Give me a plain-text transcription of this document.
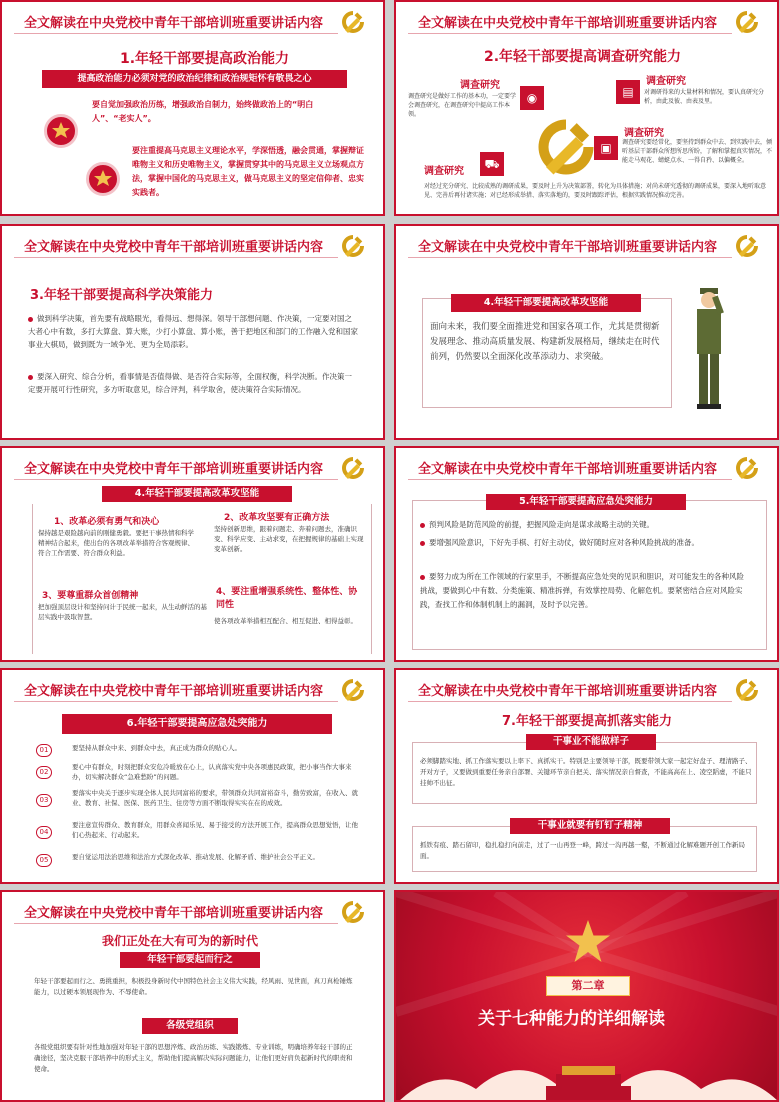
全文解读在中央党校中青年干部培训班重要讲话内容
1.年轻干部要提高政治能力
提高政治能力必须对党的政治纪律和政治规矩怀有敬畏之心
要自觉加强政治历练，增强政治自制力，始终做政治上的“明白人”、“老实人”。
要注重提高马克思主义理论水平，学深悟透，融会贯通，掌握辩证唯物主义和历史唯物主义，掌握贯穿其中的马克思主义立场观点方法，掌握中国化的马克思主义，做马克思主义的坚定信仰者、忠实实践者。
全文解读在中央党校中青年干部培训班重要讲话内容
2.年轻干部要提高调查研究能力
调查研究
调查研究是做好工作的基本功，一定要学会调查研究，在调查研究中提高工作本领。
◉
调查研究
▤	对调研得来的大量材料和情况，要认真研究分析，由此及彼、由表及里。
调查研究
▣	调查研究要经常化，要坚持到群众中去、到实践中去，倾听基层干部群众所想所思所盼，了解和掌握真实情况，不能走马观花、蜻蜓点水、一得自矜、以偏概全。
调查研究
⛟
对经过充分研究、比较成熟的调研成果，要及时上升为决策部署，转化为具体措施；对尚未研究透彻的调研成果，要深入地听取意见、完善后再付诸实施；对已经形成举措、落实落地的，要及时跟踪评估，根据实践情况推动完善。
全文解读在中央党校中青年干部培训班重要讲话内容
3.年轻干部要提高科学决策能力
做到科学决策，首先要有战略眼光，看得远、想得深。领导干部想问题、作决策，一定要对国之大者心中有数，多打大算盘、算大账，少打小算盘、算小账，善于把地区和部门的工作融入党和国家事业大棋局，做到既为一域争光、更为全局添彩。
要深入研究、综合分析，看事情是否值得做、是否符合实际等，全面权衡，科学决断。作决策一定要开展可行性研究，多方听取意见，综合评判，科学取舍，使决策符合实际情况。
全文解读在中央党校中青年干部培训班重要讲话内容
4.年轻干部要提高改革攻坚能
面向未来，我们要全面推进党和国家各项工作，尤其是贯彻新发展理念、推动高质量发展、构建新发展格局，继续走在时代前列，仍然要以全面深化改革添动力、求突破。
全文解读在中央党校中青年干部培训班重要讲话内容
4.年轻干部要提高改革攻坚能
1、改革必须有勇气和决心
保持越是艰险越向前的刚健勇毅。要把干事热情和科学精神结合起来，使出台的各项改革举措符合客观规律、符合工作需要、符合群众利益。
2、改革攻坚要有正确方法
坚持创新思维，跟着问题走、奔着问题去，准确识变、科学应变、主动求变，在把握规律的基础上实现变革创新。
3、要尊重群众首创精神
把加强顶层设计和坚持问计于民统一起来，从生动鲜活的基层实践中汲取智慧。
4、要注重增强系统性、整体性、协同性
使各项改革举措相互配合、相互促进、相得益彰。
全文解读在中央党校中青年干部培训班重要讲话内容
5.年轻干部要提高应急处突能力
预判风险是防范风险的前提，把握风险走向是谋求战略主动的关键。
要增强风险意识，下好先手棋、打好主动仗，做好随时应对各种风险挑战的准备。
要努力成为所在工作领域的行家里手，不断提高应急处突的见识和胆识，对可能发生的各种风险挑战，要做到心中有数、分类施策、精准拆弹，有效掌控局势、化解危机。要紧密结合应对风险实践，查找工作和体制机制上的漏洞，及时予以完善。
全文解读在中央党校中青年干部培训班重要讲话内容
6.年轻干部要提高应急处突能力
01	要坚持从群众中来、到群众中去，真正成为群众的贴心人。
02
要心中有群众，时刻把群众安危冷暖放在心上，认真落实党中央各项惠民政策，把小事当作大事来办，切实解决群众“急难愁盼”的问题。
03
要落实中央关于逐步实现全体人民共同富裕的要求，带领群众共同富裕奋斗，勤劳致富，在收入、就业、教育、社保、医保、医药卫生、住房等方面不断取得实实在在的成效。
04
要注意宣传群众、教育群众，用群众喜闻乐见、易于接受的方法开展工作，提高群众思想觉悟，让他们心热起来、行动起来。
05	要自觉运用法治思维和法治方式深化改革、推动发展、化解矛盾、维护社会公平正义。
全文解读在中央党校中青年干部培训班重要讲话内容
7.年轻干部要提高抓落实能力
干事业不能做样子
必须脚踏实地、抓工作落实要以上率下、真抓实干。特别是主要领导干部，既要带领大家一起定好盘子、理清路子、开对方子，又要做到重要任务亲自部署、关键环节亲自把关、落实情况亲自督查，不能高高在上、凌空蹈虚，不能只挂帅不出征。
干事业就要有钉钉子精神
抓铁有痕、踏石留印，稳扎稳打向前走，过了一山再登一峰，跨过一沟再越一壑，不断通过化解难题开创工作新局面。
全文解读在中央党校中青年干部培训班重要讲话内容
我们正处在大有可为的新时代
年轻干部要起而行之
年轻干部要起而行之、勇挑重担，积极投身新时代中国特色社会主义伟大实践，经风雨、见世面，真刀真枪锤炼能力，以过硬本领展现作为、不辱使命。
各级党组织
各级党组织要有针对性地加强对年轻干部的思想淬炼、政治历练、实践锻炼、专业训练，明确培养年轻干部的正确途径，坚决克服干部培养中的形式主义，帮助他们提高解决实际问题能力，让他们更好肩负起新时代的职责和使命。
第二章
关于七种能力的详细解读
